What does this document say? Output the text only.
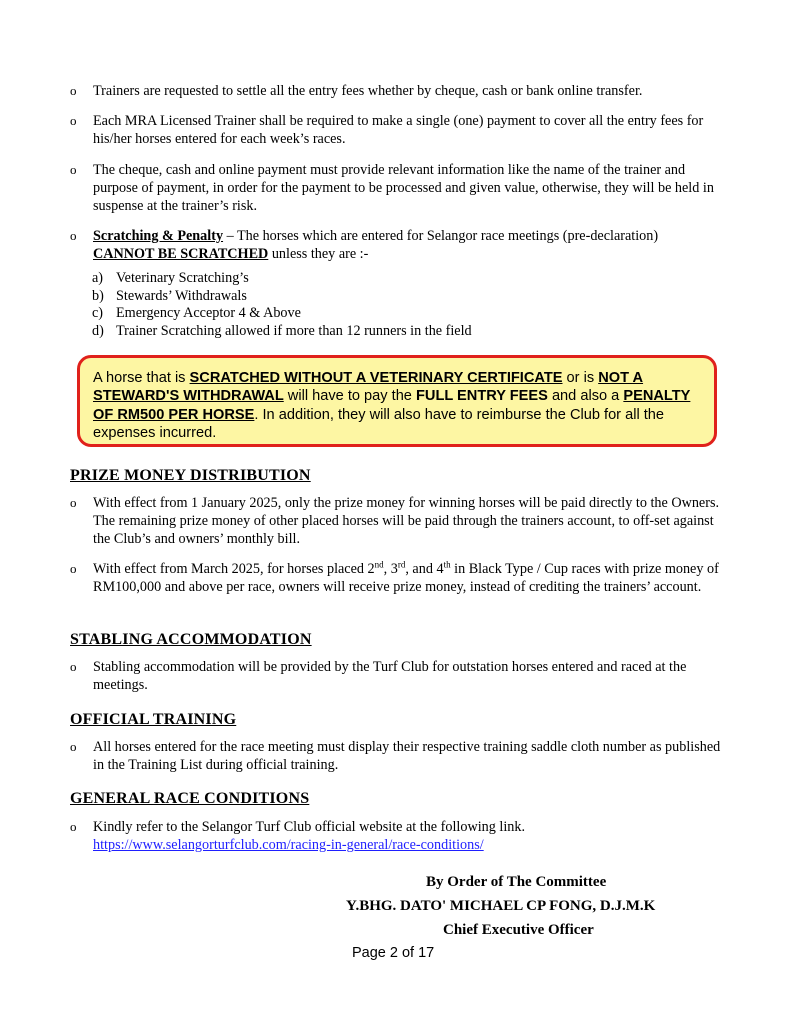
o	Trainers are requested to settle all the entry fees whether by cheque, cash or bank online transfer.
o	Each MRA Licensed Trainer shall be required to make a single (one) payment to cover all the entry fees for his/her horses entered for each week’s races.
o	The cheque, cash and online payment must provide relevant information like the name of the trainer and purpose of payment, in order for the payment to be processed and given value, otherwise, they will be held in suspense at the trainer’s risk.
o	Scratching & Penalty – The horses which are entered for Selangor race meetings (pre-declaration) CANNOT BE SCRATCHED unless they are :-
a) Veterinary Scratching’s
b) Stewards’ Withdrawals
c) Emergency Acceptor 4 & Above
d) Trainer Scratching allowed if more than 12 runners in the field
A horse that is SCRATCHED WITHOUT A VETERINARY CERTIFICATE or is NOT A STEWARD'S WITHDRAWAL will have to pay the FULL ENTRY FEES and also a PENALTY OF RM500 PER HORSE. In addition, they will also have to reimburse the Club for all the expenses incurred.
PRIZE MONEY DISTRIBUTION
o	With effect from 1 January 2025, only the prize money for winning horses will be paid directly to the Owners. The remaining prize money of other placed horses will be paid through the trainers account, to off-set against the Club’s and owners’ monthly bill.
o	With effect from March 2025, for horses placed 2nd, 3rd, and 4th in Black Type / Cup races with prize money of RM100,000 and above per race, owners will receive prize money, instead of crediting the trainers’ account.
STABLING ACCOMMODATION
o	Stabling accommodation will be provided by the Turf Club for outstation horses entered and raced at the meetings.
OFFICIAL TRAINING
o	All horses entered for the race meeting must display their respective training saddle cloth number as published in the Training List during official training.
GENERAL RACE CONDITIONS
o	Kindly refer to the Selangor Turf Club official website at the following link.
https://www.selangorturfclub.com/racing-in-general/race-conditions/
By Order of The Committee
Y.BHG. DATO' MICHAEL CP FONG, D.J.M.K
Chief Executive Officer
Page 2 of 17
